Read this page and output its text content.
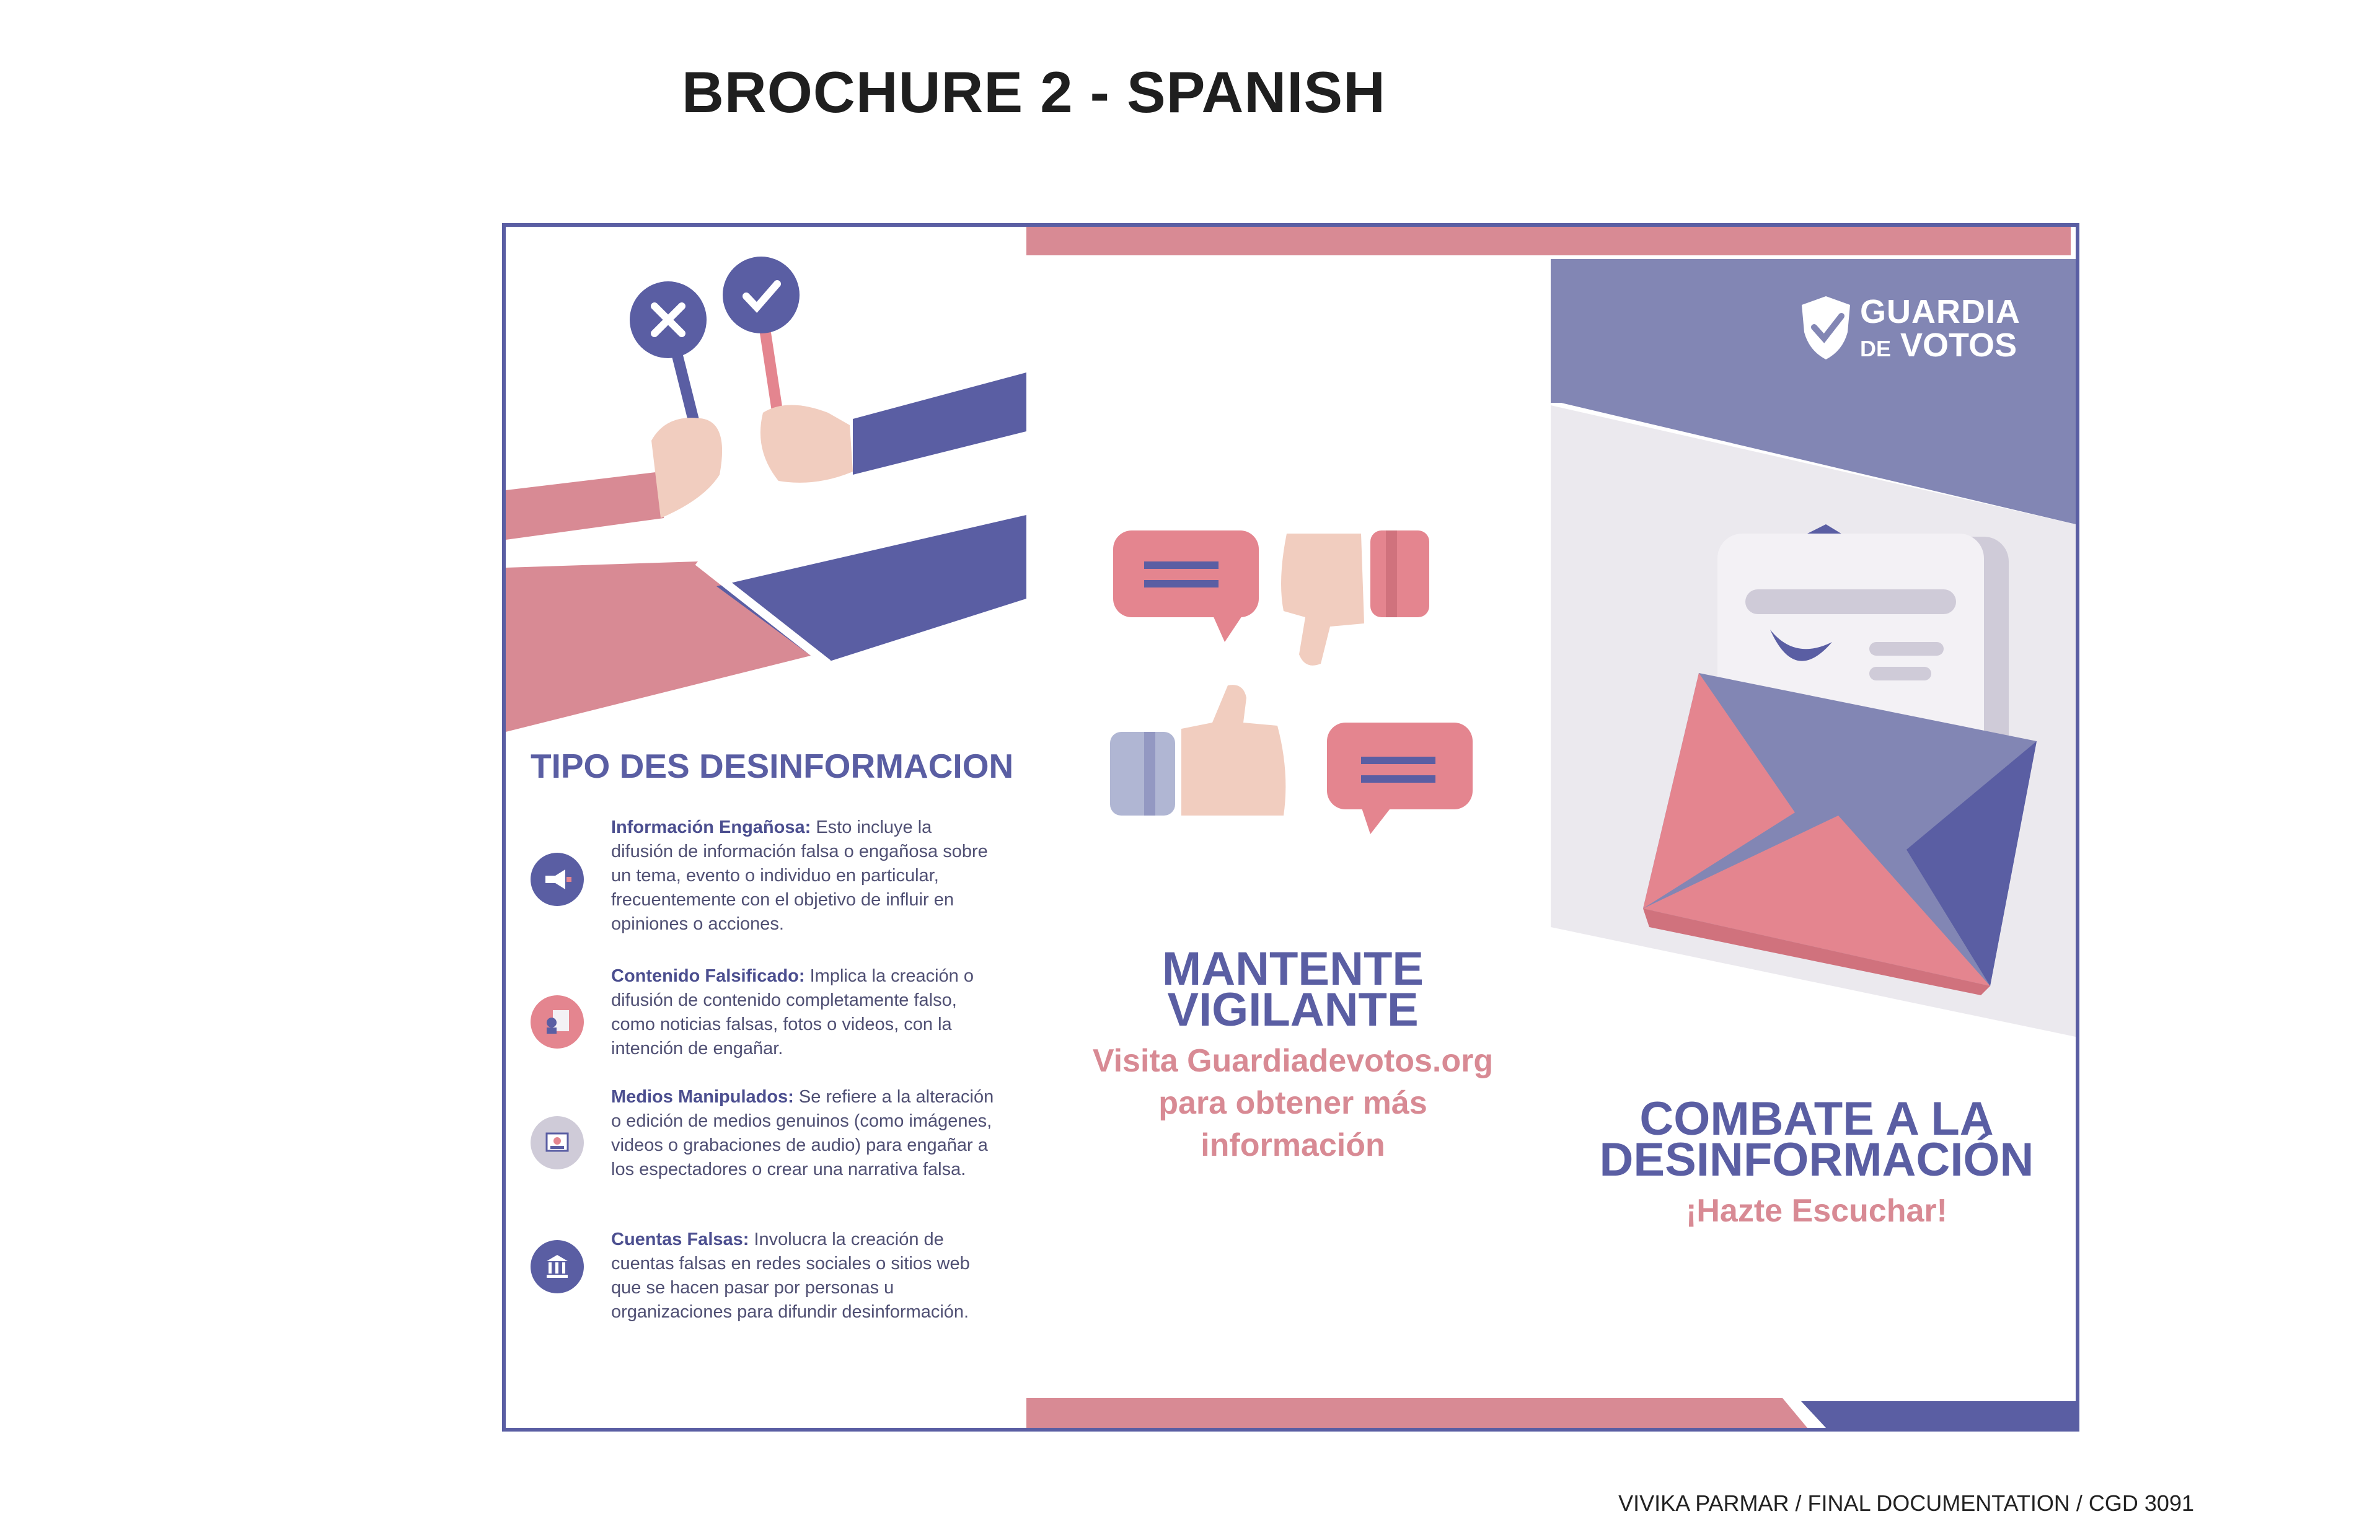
BROCHURE 2 - SPANISH
TIPO DES DESINFORMACION
Información Engañosa: Esto incluye la difusión de información falsa o engañosa sobre un tema, evento o individuo en particular, frecuentemente con el objetivo de influir en opiniones o acciones.
Contenido Falsificado: Implica la creación o difusión de contenido completamente falso, como noticias falsas, fotos o videos, con la intención de engañar.
Medios Manipulados: Se refiere a la alteración o edición de medios genuinos (como imágenes, videos o grabaciones de audio) para engañar a los espectadores o crear una narrativa falsa.
Cuentas Falsas: Involucra la creación de cuentas falsas en redes sociales o sitios web que se hacen pasar por personas u organizaciones para difundir desinformación.
MANTENTE
VIGILANTE
Visita Guardiadevotos.org
para obtener más
información
GUARDIA
DE VOTOS
COMBATE A LA
DESINFORMACIÓN
¡Hazte Escuchar!
VIVIKA PARMAR / FINAL DOCUMENTATION / CGD 3091
